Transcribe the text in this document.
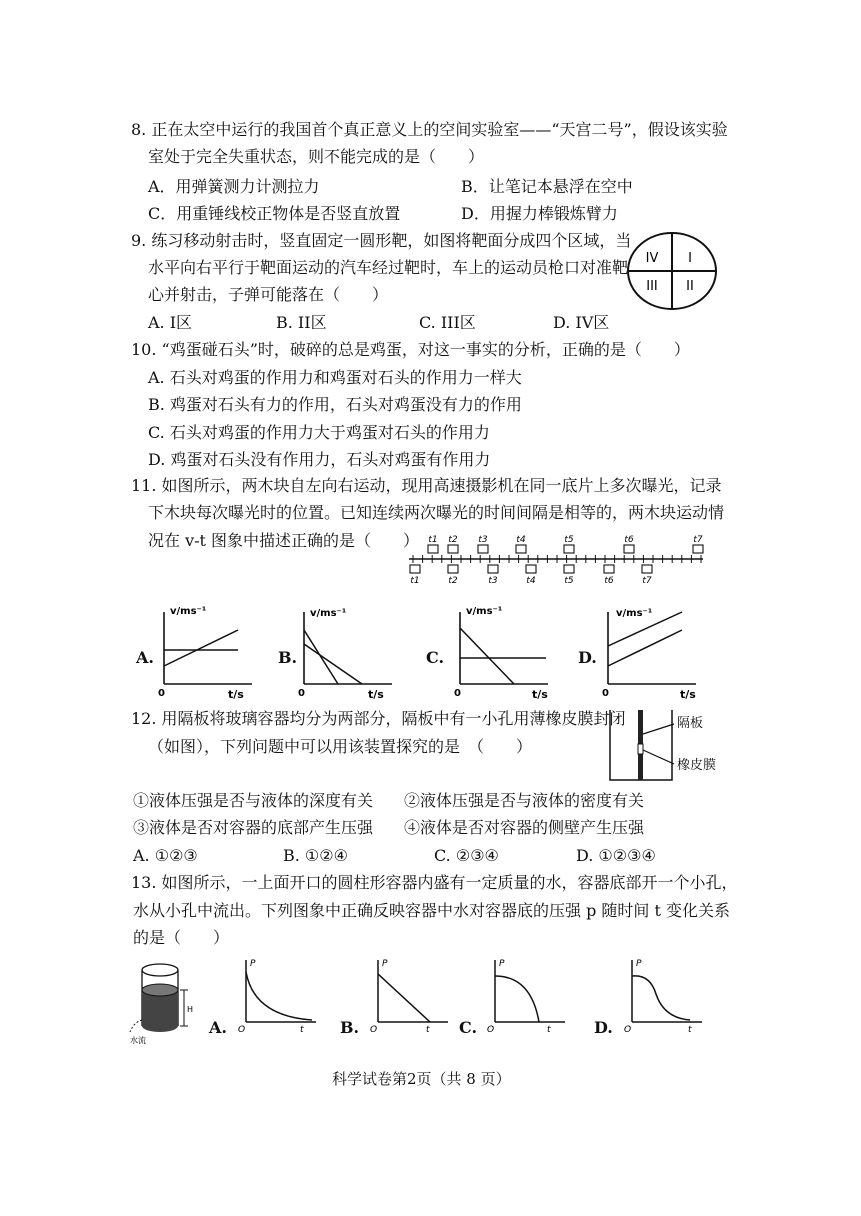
8. 正在太空中运行的我国首个真正意义上的空间实验室——“天宫二号”，假设该实验
室处于完全失重状态，则不能完成的是（　　）
A．用弹簧测力计测拉力	B．让笔记本悬浮在空中
C．用重锤线校正物体是否竖直放置	D．用握力棒锻炼臂力
9. 练习移动射击时，竖直固定一圆形靶，如图将靶面分成四个区域，当
水平向右平行于靶面运动的汽车经过靶时，车上的运动员枪口对准靶
心并射击，子弹可能落在（　　）
A. I区	B. II区	C. III区	D. IV区
IV I
III II
10. “鸡蛋碰石头”时，破碎的总是鸡蛋，对这一事实的分析，正确的是（　　）
A. 石头对鸡蛋的作用力和鸡蛋对石头的作用力一样大
B. 鸡蛋对石头有力的作用，石头对鸡蛋没有力的作用
C. 石头对鸡蛋的作用力大于鸡蛋对石头的作用力
D. 鸡蛋对石头没有作用力，石头对鸡蛋有作用力
11. 如图所示，两木块自左向右运动，现用高速摄影机在同一底片上多次曝光，记录
下木块每次曝光时的位置。已知连续两次曝光的时间间隔是相等的，两木块运动情
况在 v-t 图象中描述正确的是（　　） t1 t2 t3	t4	t5	t6	t7
t1	t2	t3	t4	t5	t6	t7
A.	B.	C.	D.
v/ms⁻¹
t/s
0
v/ms⁻¹
t/s
0
v/ms⁻¹
t/s
0
v/ms⁻¹
t/s
0
12. 用隔板将玻璃容器均分为两部分，隔板中有一小孔用薄橡皮膜封闭
（如图），下列问题中可以用该装置探究的是　（　　）
隔板
橡皮膜
①液体压强是否与液体的深度有关 ②液体压强是否与液体的密度有关
③液体是否对容器的底部产生压强 ④液体是否对容器的侧壁产生压强
A. ①②③	B. ①②④	C. ②③④	D. ①②③④
13. 如图所示，一上面开口的圆柱形容器内盛有一定质量的水，容器底部开一个小孔，
水从小孔中流出。下列图象中正确反映容器中水对容器底的压强 p 随时间 t 变化关系
的是（　　）
H
水流
A.	B.	C.	D.
P
t
O
P
t
O
P
t
O
P
t
O
科学试卷第2页（共 8 页）
